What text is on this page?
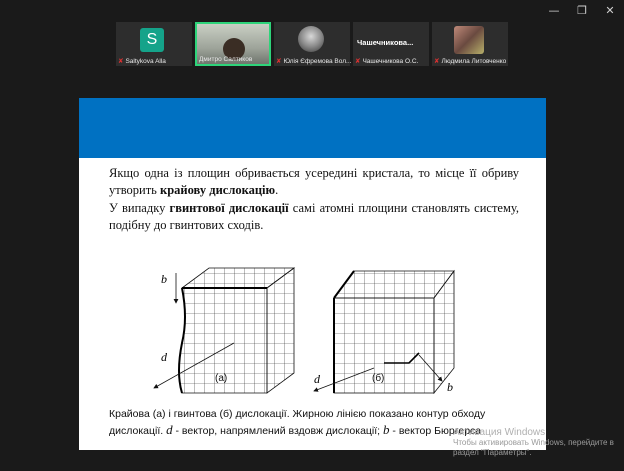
—	❐	✕
S
✘ Saltykova Alla	Дмитро Салтиков	✘ Юлія Єфремова Вол...
Чашечникова...
✘ Чашечникова О.С. ✘ Людмила Литовченко
Якщо одна із площин обривається усередині кристала, то місце її обриву утворить крайову дислокацію.
У випадку гвинтової дислокації самі атомні площини становлять систему, подібну до гвинтових сходів.
b
d
d
b
(а)	(б)
Крайова (а) і гвинтова (б) дислокації. Жирною лінією показано контур обходу
дислокації. d - вектор, напрямлений вздовж дислокації; b - вектор Бюргерса
Активация Windows
Чтобы активировать Windows, перейдите в
раздел "Параметры".
